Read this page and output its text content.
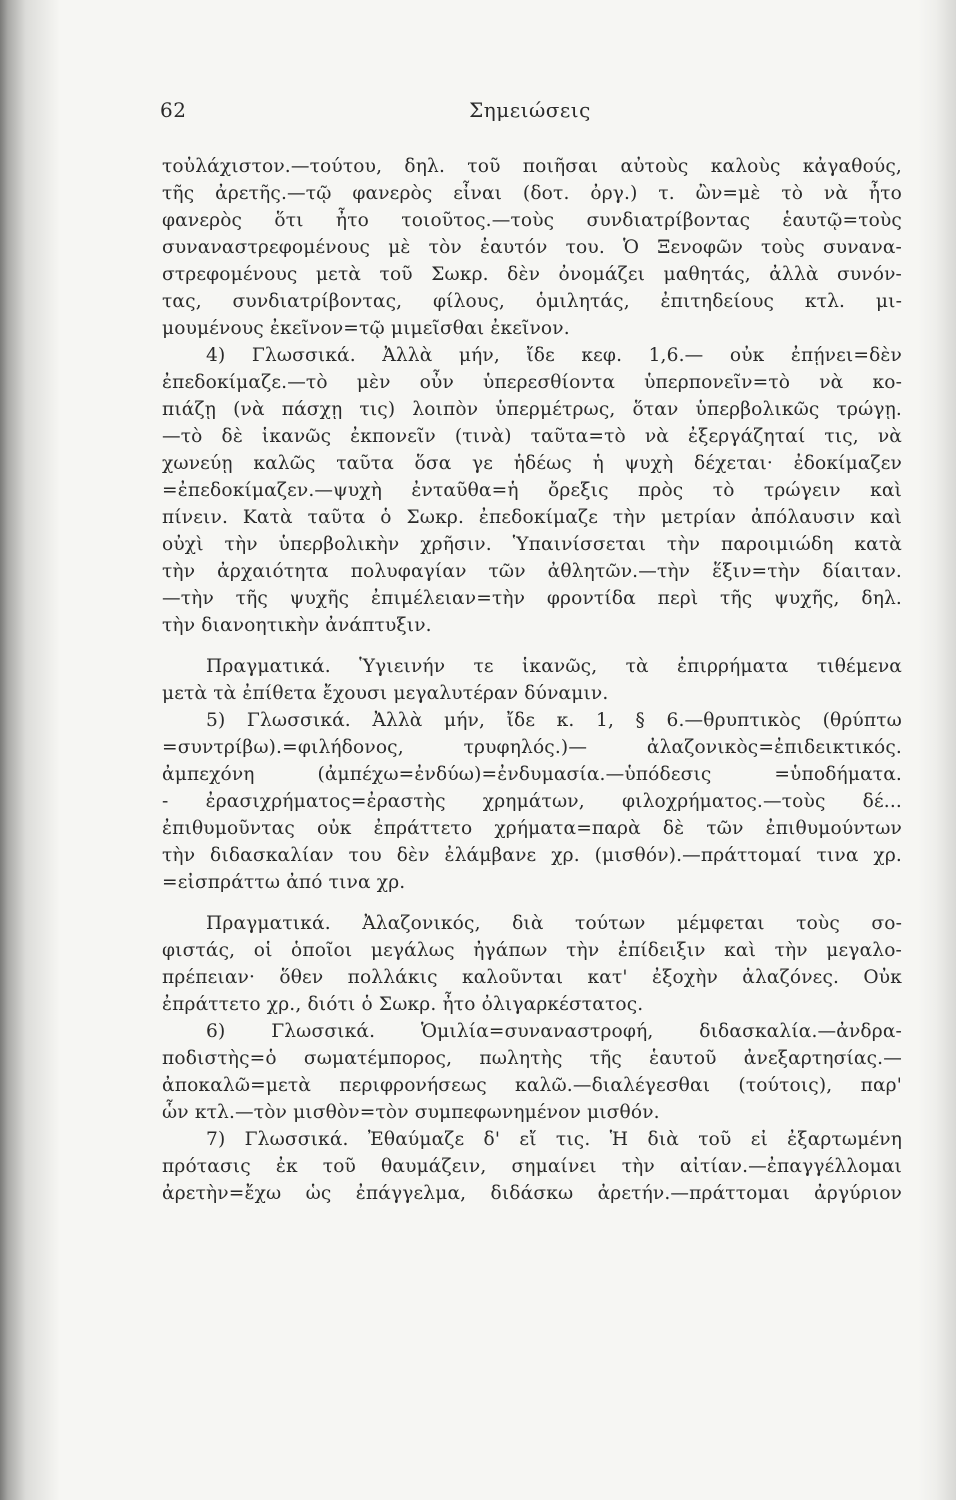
62	Σημειώσεις
τοὐλάχιστον.—τούτου, δηλ. τοῦ ποιῆσαι αὐτοὺς καλοὺς κἀγαθούς,
τῆς ἀρετῆς.—τῷ φανερὸς εἶναι (δοτ. ὀργ.) τ. ὢν=μὲ τὸ νὰ ἦτο
φανερὸς ὅτι ἦτο τοιοῦτος.—τοὺς συνδιατρίβοντας ἑαυτῷ=τοὺς
συναναστρεφομένους μὲ τὸν ἑαυτόν του. Ὁ Ξενοφῶν τοὺς συνανα-
στρεφομένους μετὰ τοῦ Σωκρ. δὲν ὀνομάζει μαθητάς, ἀλλὰ συνόν-
τας, συνδιατρίβοντας, φίλους, ὁμιλητάς, ἐπιτηδείους κτλ. μι-
μουμένους ἐκεῖνον=τῷ μιμεῖσθαι ἐκεῖνον.
4) Γλωσσικά. Ἀλλὰ μήν, ἴδε κεφ. 1,6.— οὐκ ἐπῄνει=δὲν
ἐπεδοκίμαζε.—τὸ μὲν οὖν ὑπερεσθίοντα ὑπερπονεῖν=τὸ νὰ κο-
πιάζῃ (νὰ πάσχῃ τις) λοιπὸν ὑπερμέτρως, ὅταν ὑπερβολικῶς τρώγῃ.
—τὸ δὲ ἱκανῶς ἐκπονεῖν (τινὰ) ταῦτα=τὸ νὰ ἐξεργάζηταί τις, νὰ
χωνεύῃ καλῶς ταῦτα ὅσα γε ἡδέως ἡ ψυχὴ δέχεται· ἐδοκίμαζεν
=ἐπεδοκίμαζεν.—ψυχὴ ἐνταῦθα=ἡ ὄρεξις πρὸς τὸ τρώγειν καὶ
πίνειν. Κατὰ ταῦτα ὁ Σωκρ. ἐπεδοκίμαζε τὴν μετρίαν ἀπόλαυσιν καὶ
οὐχὶ τὴν ὑπερβολικὴν χρῆσιν. Ὑπαινίσσεται τὴν παροιμιώδη κατὰ
τὴν ἀρχαιότητα πολυφαγίαν τῶν ἀθλητῶν.—τὴν ἕξιν=τὴν δίαιταν.
—τὴν τῆς ψυχῆς ἐπιμέλειαν=τὴν φροντίδα περὶ τῆς ψυχῆς, δηλ.
τὴν διανοητικὴν ἀνάπτυξιν.
Πραγματικά. Ὑγιεινήν τε ἱκανῶς, τὰ ἐπιρρήματα τιθέμενα
μετὰ τὰ ἐπίθετα ἔχουσι μεγαλυτέραν δύναμιν.
5) Γλωσσικά. Ἀλλὰ μήν, ἴδε κ. 1, § 6.—θρυπτικὸς (θρύπτω
=συντρίβω).=φιλήδονος, τρυφηλός.)— ἀλαζονικὸς=ἐπιδεικτικός.
ἀμπεχόνη (ἀμπέχω=ἐνδύω)=ἐνδυμασία.—ὑπόδεσις =ὑποδήματα.
- ἐρασιχρήματος=ἐραστὴς χρημάτων, φιλοχρήματος.—τοὺς δέ...
ἐπιθυμοῦντας οὐκ ἐπράττετο χρήματα=παρὰ δὲ τῶν ἐπιθυμούντων
τὴν διδασκαλίαν του δὲν ἐλάμβανε χρ. (μισθόν).—πράττομαί τινα χρ.
=εἰσπράττω ἀπό τινα χρ.
Πραγματικά. Ἀλαζονικός, διὰ τούτων μέμφεται τοὺς σο-
φιστάς, οἱ ὁποῖοι μεγάλως ἠγάπων τὴν ἐπίδειξιν καὶ τὴν μεγαλο-
πρέπειαν· ὅθεν πολλάκις καλοῦνται κατ' ἐξοχὴν ἀλαζόνες. Οὐκ
ἐπράττετο χρ., διότι ὁ Σωκρ. ἦτο ὀλιγαρκέστατος.
6) Γλωσσικά. Ὁμιλία=συναναστροφή, διδασκαλία.—ἀνδρα-
ποδιστὴς=ὁ σωματέμπορος, πωλητὴς τῆς ἑαυτοῦ ἀνεξαρτησίας.—
ἀποκαλῶ=μετὰ περιφρονήσεως καλῶ.—διαλέγεσθαι (τούτοις), παρ'
ὧν κτλ.—τὸν μισθὸν=τὸν συμπεφωνημένον μισθόν.
7) Γλωσσικά. Ἐθαύμαζε δ' εἴ τις. Ἡ διὰ τοῦ εἰ ἐξαρτωμένη
πρότασις ἐκ τοῦ θαυμάζειν, σημαίνει τὴν αἰτίαν.—ἐπαγγέλλομαι
ἀρετὴν=ἔχω ὡς ἐπάγγελμα, διδάσκω ἀρετήν.—πράττομαι ἀργύριον
